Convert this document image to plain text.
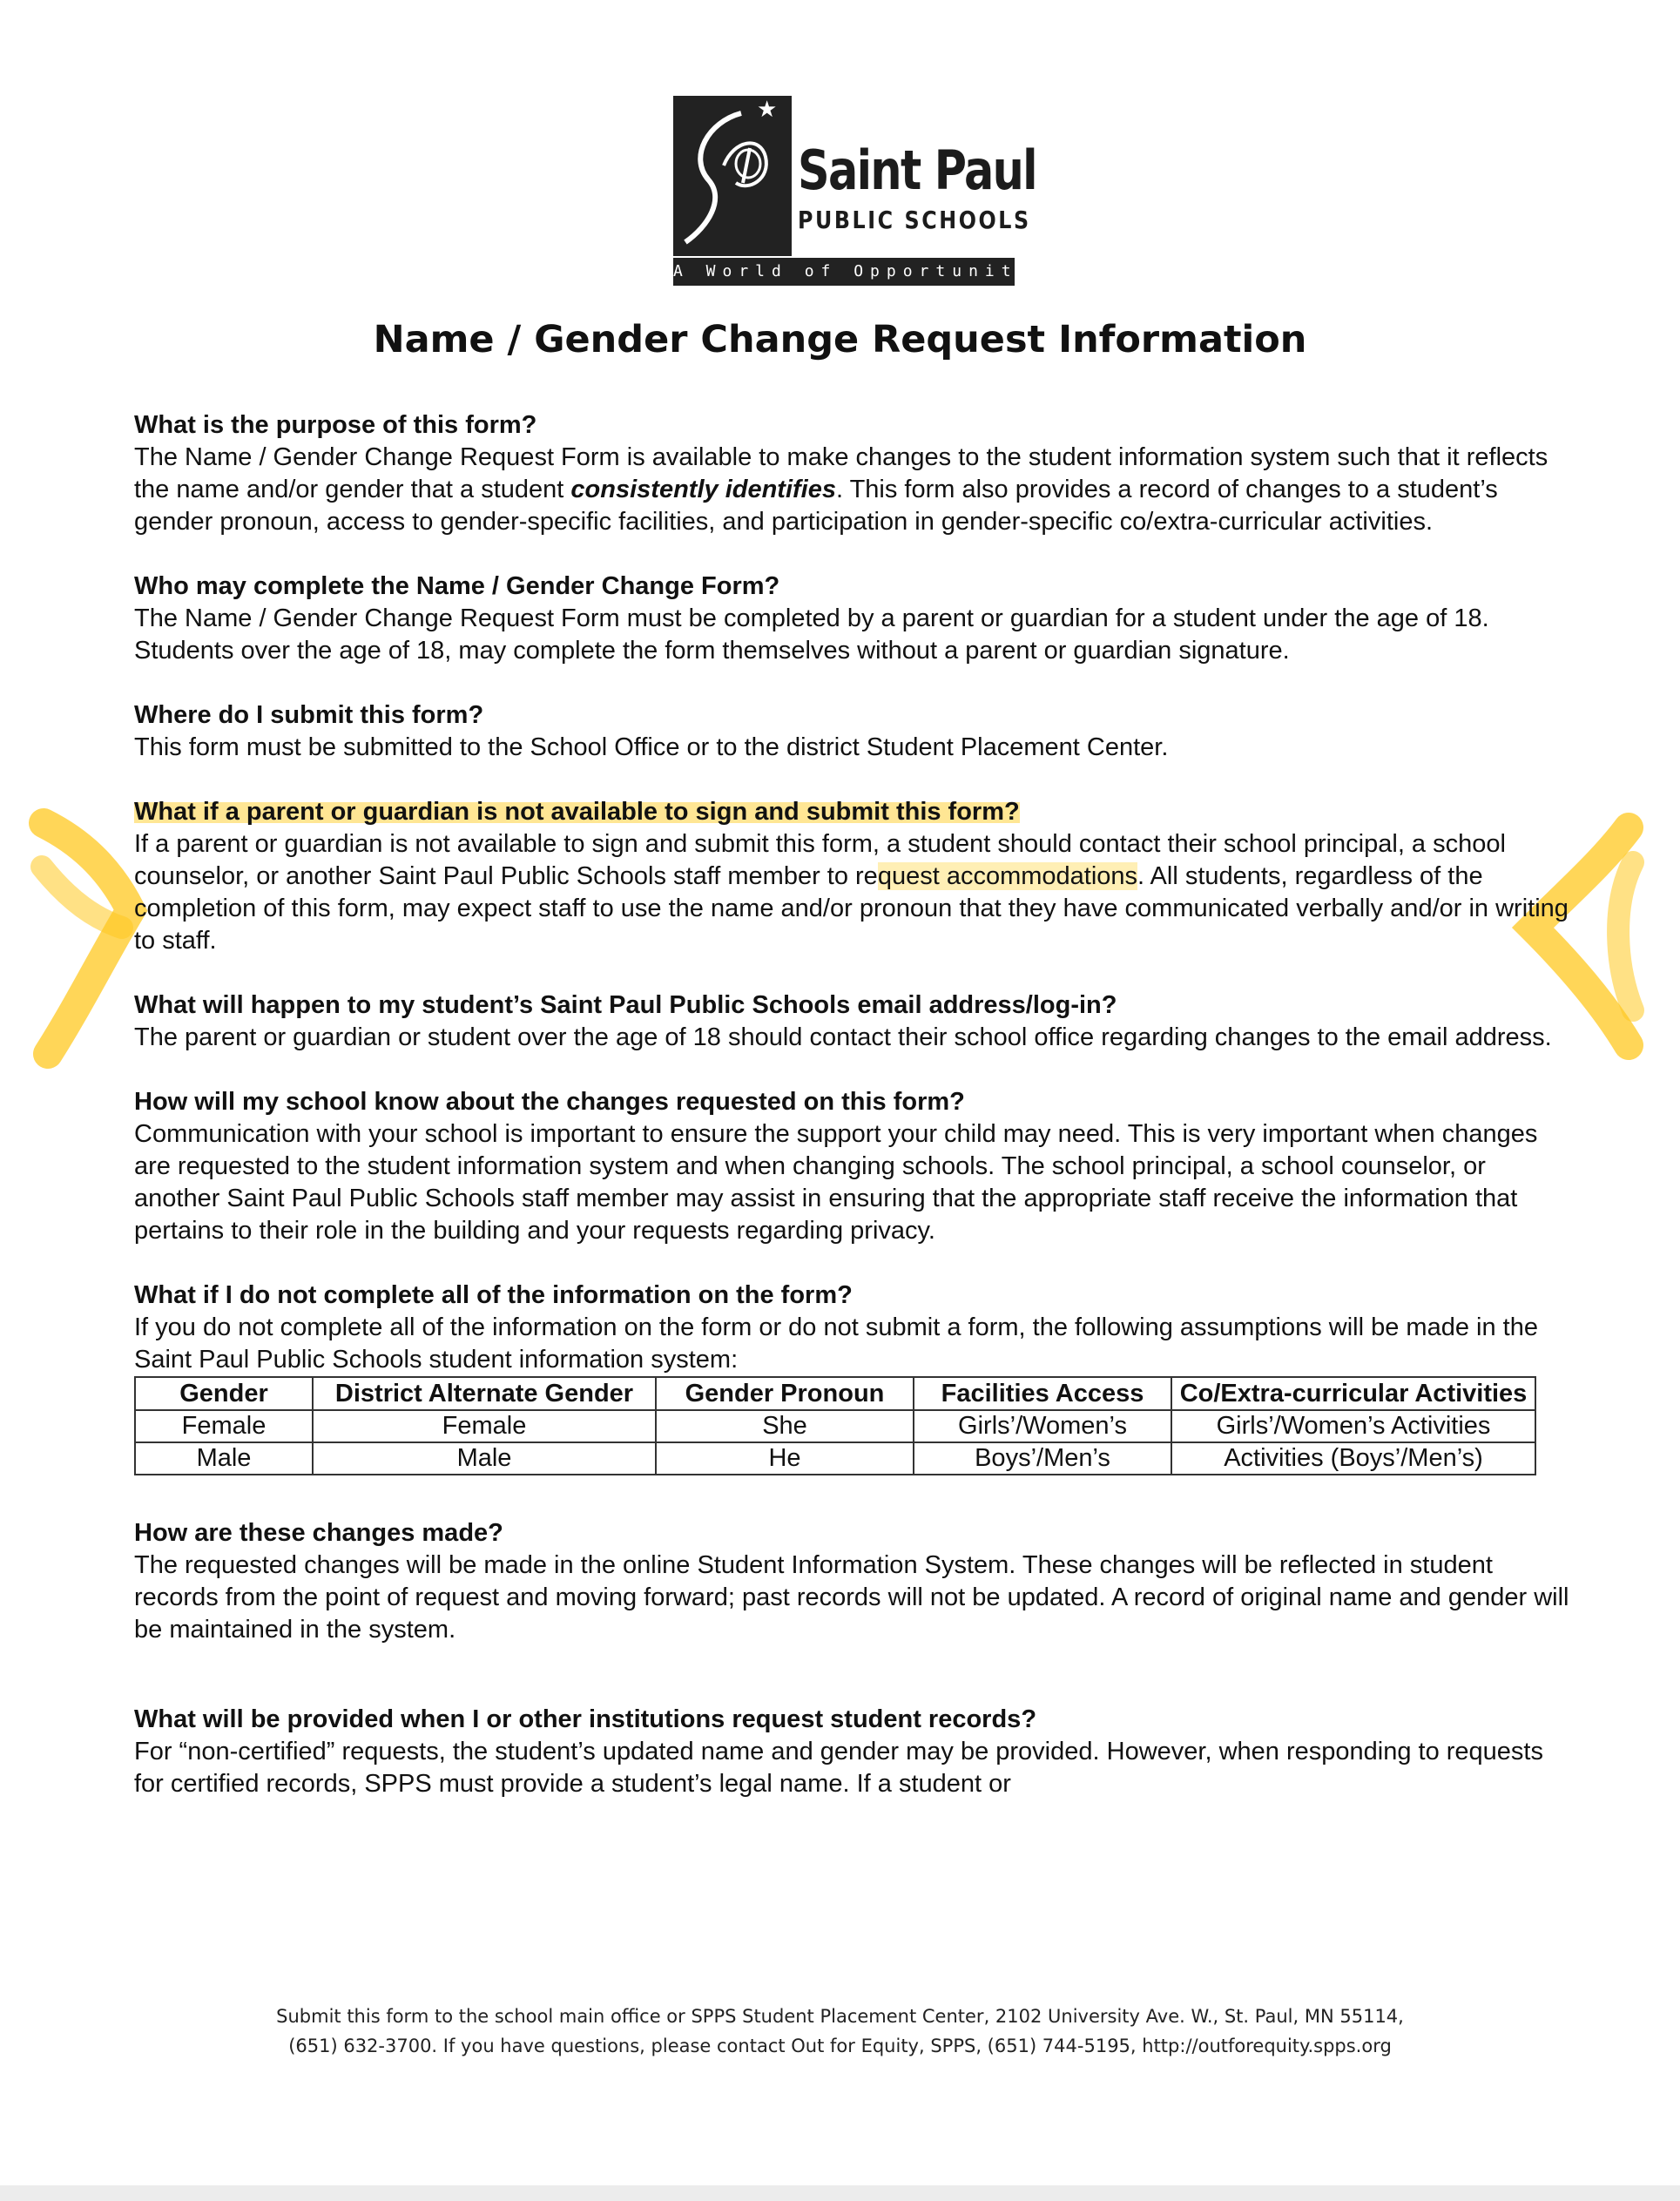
★
Saint Paul
PUBLIC SCHOOLS
A World of Opportunities
Name / Gender Change Request Information

What is the purpose of this form?

The Name / Gender Change Request Form is available to make changes to the student information system such that it reflects the name and/or gender that a student consistently identifies. This form also provides a record of changes to a student’s gender pronoun, access to gender-specific facilities, and participation in gender-specific co/extra-curricular activities.

Who may complete the Name / Gender Change Form?

The Name / Gender Change Request Form must be completed by a parent or guardian for a student under the age of 18. Students over the age of 18, may complete the form themselves without a parent or guardian signature.

Where do I submit this form?

This form must be submitted to the School Office or to the district Student Placement Center.

What if a parent or guardian is not available to sign and submit this form?

If a parent or guardian is not available to sign and submit this form, a student should contact their school principal, a school counselor, or another Saint Paul Public Schools staff member to request accommodations. All students, regardless of the completion of this form, may expect staff to use the name and/or pronoun that they have communicated verbally and/or in writing to staff.

What will happen to my student’s Saint Paul Public Schools email address/log-in?

The parent or guardian or student over the age of 18 should contact their school office regarding changes to the email address.

How will my school know about the changes requested on this form?

Communication with your school is important to ensure the support your child may need. This is very important when changes are requested to the student information system and when changing schools. The school principal, a school counselor, or another Saint Paul Public Schools staff member may assist in ensuring that the appropriate staff receive the information that pertains to their role in the building and your requests regarding privacy.

What if I do not complete all of the information on the form?

If you do not complete all of the information on the form or do not submit a form, the following assumptions will be made in the Saint Paul Public Schools student information system:

Gender	District Alternate Gender	Gender Pronoun	Facilities Access	Co/Extra-curricular Activities
Female	Female	She	Girls’/Women’s	Girls’/Women’s Activities
Male	Male	He	Boys’/Men’s	Activities (Boys’/Men’s)

How are these changes made?

The requested changes will be made in the online Student Information System. These changes will be reflected in student records from the point of request and moving forward; past records will not be updated. A record of original name and gender will be maintained in the system.

What will be provided when I or other institutions request student records?

For “non-certified” requests, the student’s updated name and gender may be provided. However, when responding to requests for certified records, SPPS must provide a student’s legal name. If a student or

Submit this form to the school main office or SPPS Student Placement Center, 2102 University Ave. W., St. Paul, MN 55114,
(651) 632-3700. If you have questions, please contact Out for Equity, SPPS, (651) 744-5195, http://outforequity.spps.org
